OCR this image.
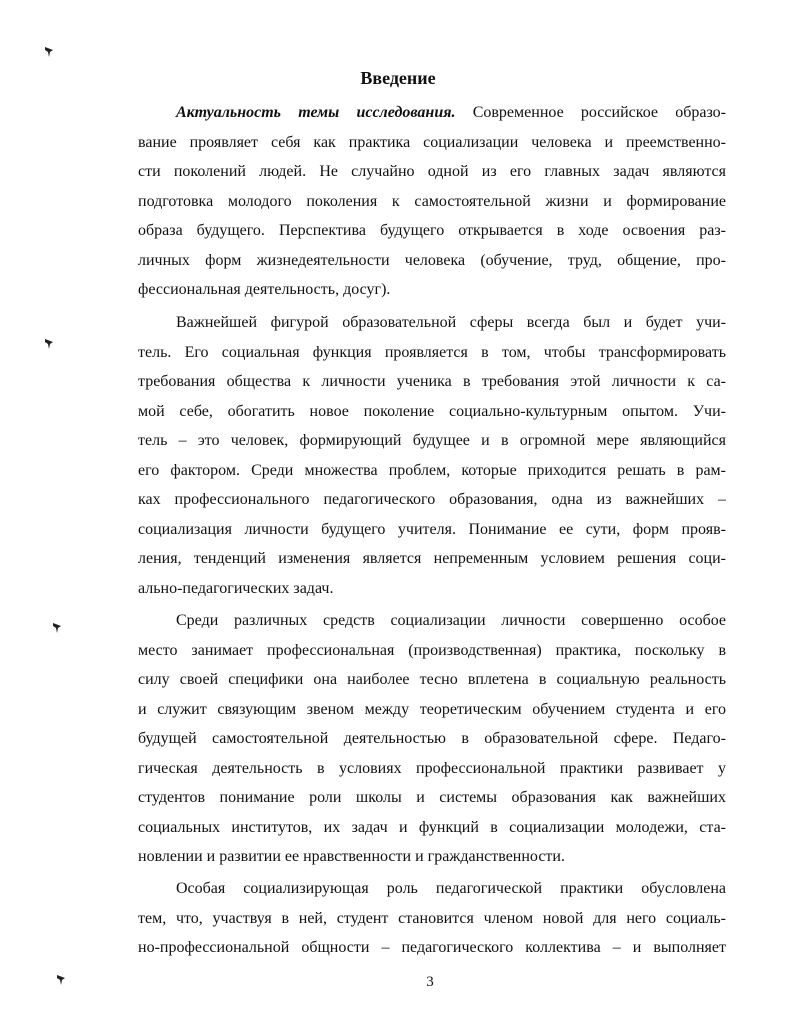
Введение
Актуальность темы исследования. Современное российское образо-
вание проявляет себя как практика социализации человека и преемственно-
сти поколений людей. Не случайно одной из его главных задач являются
подготовка молодого поколения к самостоятельной жизни и формирование
образа будущего. Перспектива будущего открывается в ходе освоения раз-
личных форм жизнедеятельности человека (обучение, труд, общение, про-
фессиональная деятельность, досуг).
Важнейшей фигурой образовательной сферы всегда был и будет учи-
тель. Его социальная функция проявляется в том, чтобы трансформировать
требования общества к личности ученика в требования этой личности к са-
мой себе, обогатить новое поколение социально-культурным опытом. Учи-
тель – это человек, формирующий будущее и в огромной мере являющийся
его фактором. Среди множества проблем, которые приходится решать в рам-
ках профессионального педагогического образования, одна из важнейших –
социализация личности будущего учителя. Понимание ее сути, форм прояв-
ления, тенденций изменения является непременным условием решения соци-
ально-педагогических задач.
Среди различных средств социализации личности совершенно особое
место занимает профессиональная (производственная) практика, поскольку в
силу своей специфики она наиболее тесно вплетена в социальную реальность
и служит связующим звеном между теоретическим обучением студента и его
будущей самостоятельной деятельностью в образовательной сфере. Педаго-
гическая деятельность в условиях профессиональной практики развивает у
студентов понимание роли школы и системы образования как важнейших
социальных институтов, их задач и функций в социализации молодежи, ста-
новлении и развитии ее нравственности и гражданственности.
Особая социализирующая роль педагогической практики обусловлена
тем, что, участвуя в ней, студент становится членом новой для него социаль-
но-профессиональной общности – педагогического коллектива – и выполняет
3
